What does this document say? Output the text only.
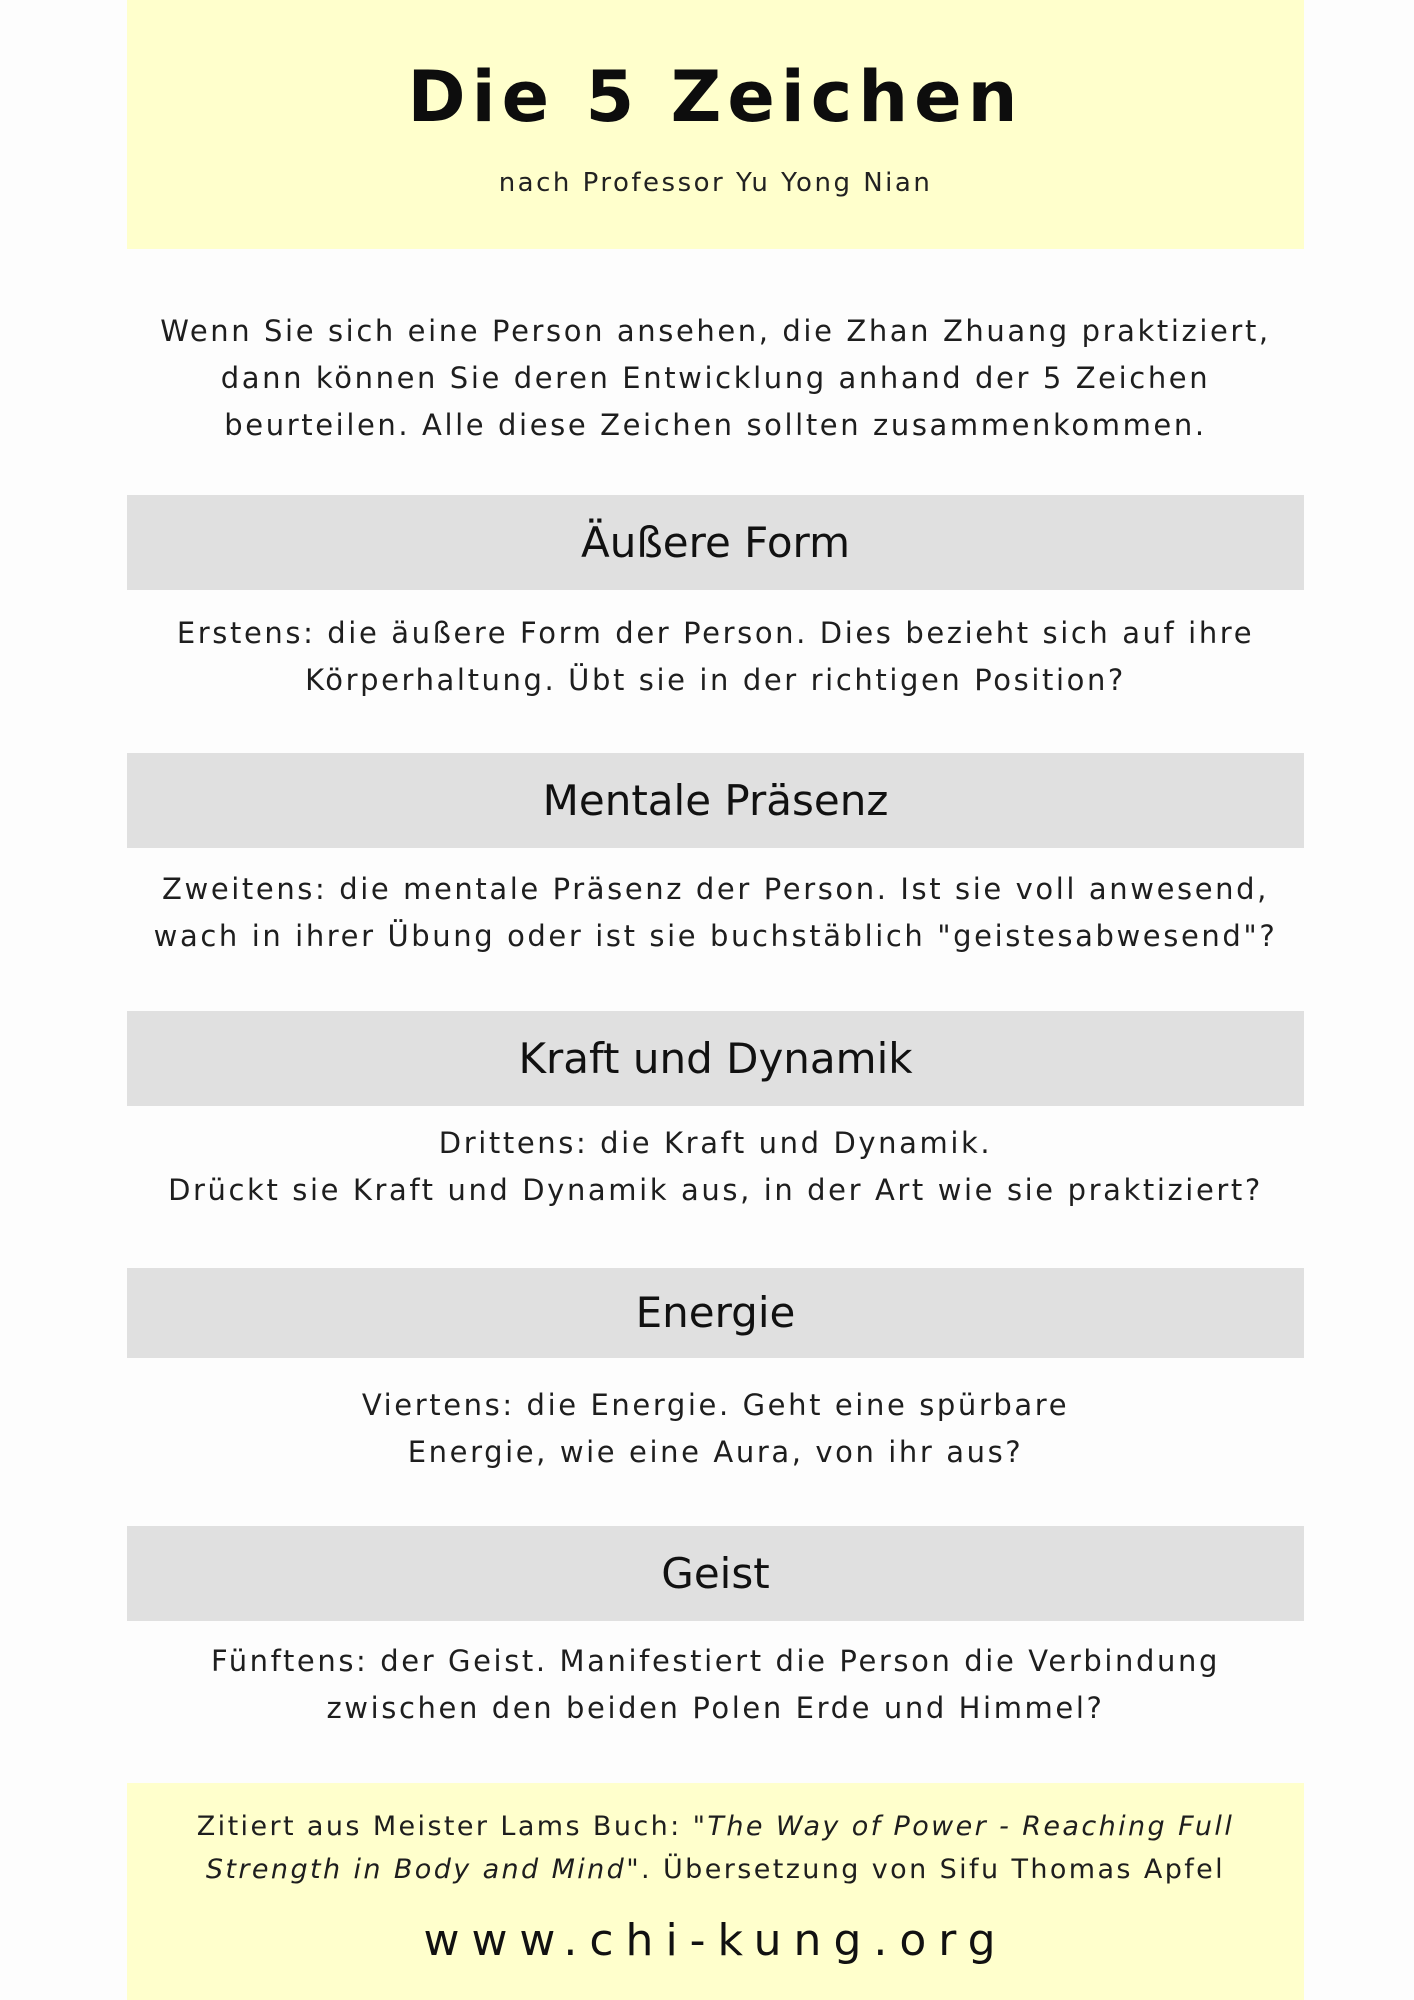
Die 5 Zeichen
nach Professor Yu Yong Nian
Wenn Sie sich eine Person ansehen, die Zhan Zhuang praktiziert,
dann können Sie deren Entwicklung anhand der 5 Zeichen
beurteilen. Alle diese Zeichen sollten zusammenkommen.
Äußere Form
Erstens: die äußere Form der Person. Dies bezieht sich auf ihre
Körperhaltung. Übt sie in der richtigen Position?
Mentale Präsenz
Zweitens: die mentale Präsenz der Person. Ist sie voll anwesend,
wach in ihrer Übung oder ist sie buchstäblich "geistesabwesend"?
Kraft und Dynamik
Drittens: die Kraft und Dynamik.
Drückt sie Kraft und Dynamik aus, in der Art wie sie praktiziert?
Energie
Viertens: die Energie. Geht eine spürbare
Energie, wie eine Aura, von ihr aus?
Geist
Fünftens: der Geist. Manifestiert die Person die Verbindung
zwischen den beiden Polen Erde und Himmel?
Zitiert aus Meister Lams Buch: "The Way of Power - Reaching Full
Strength in Body and Mind". Übersetzung von Sifu Thomas Apfel
www.chi-kung.org
